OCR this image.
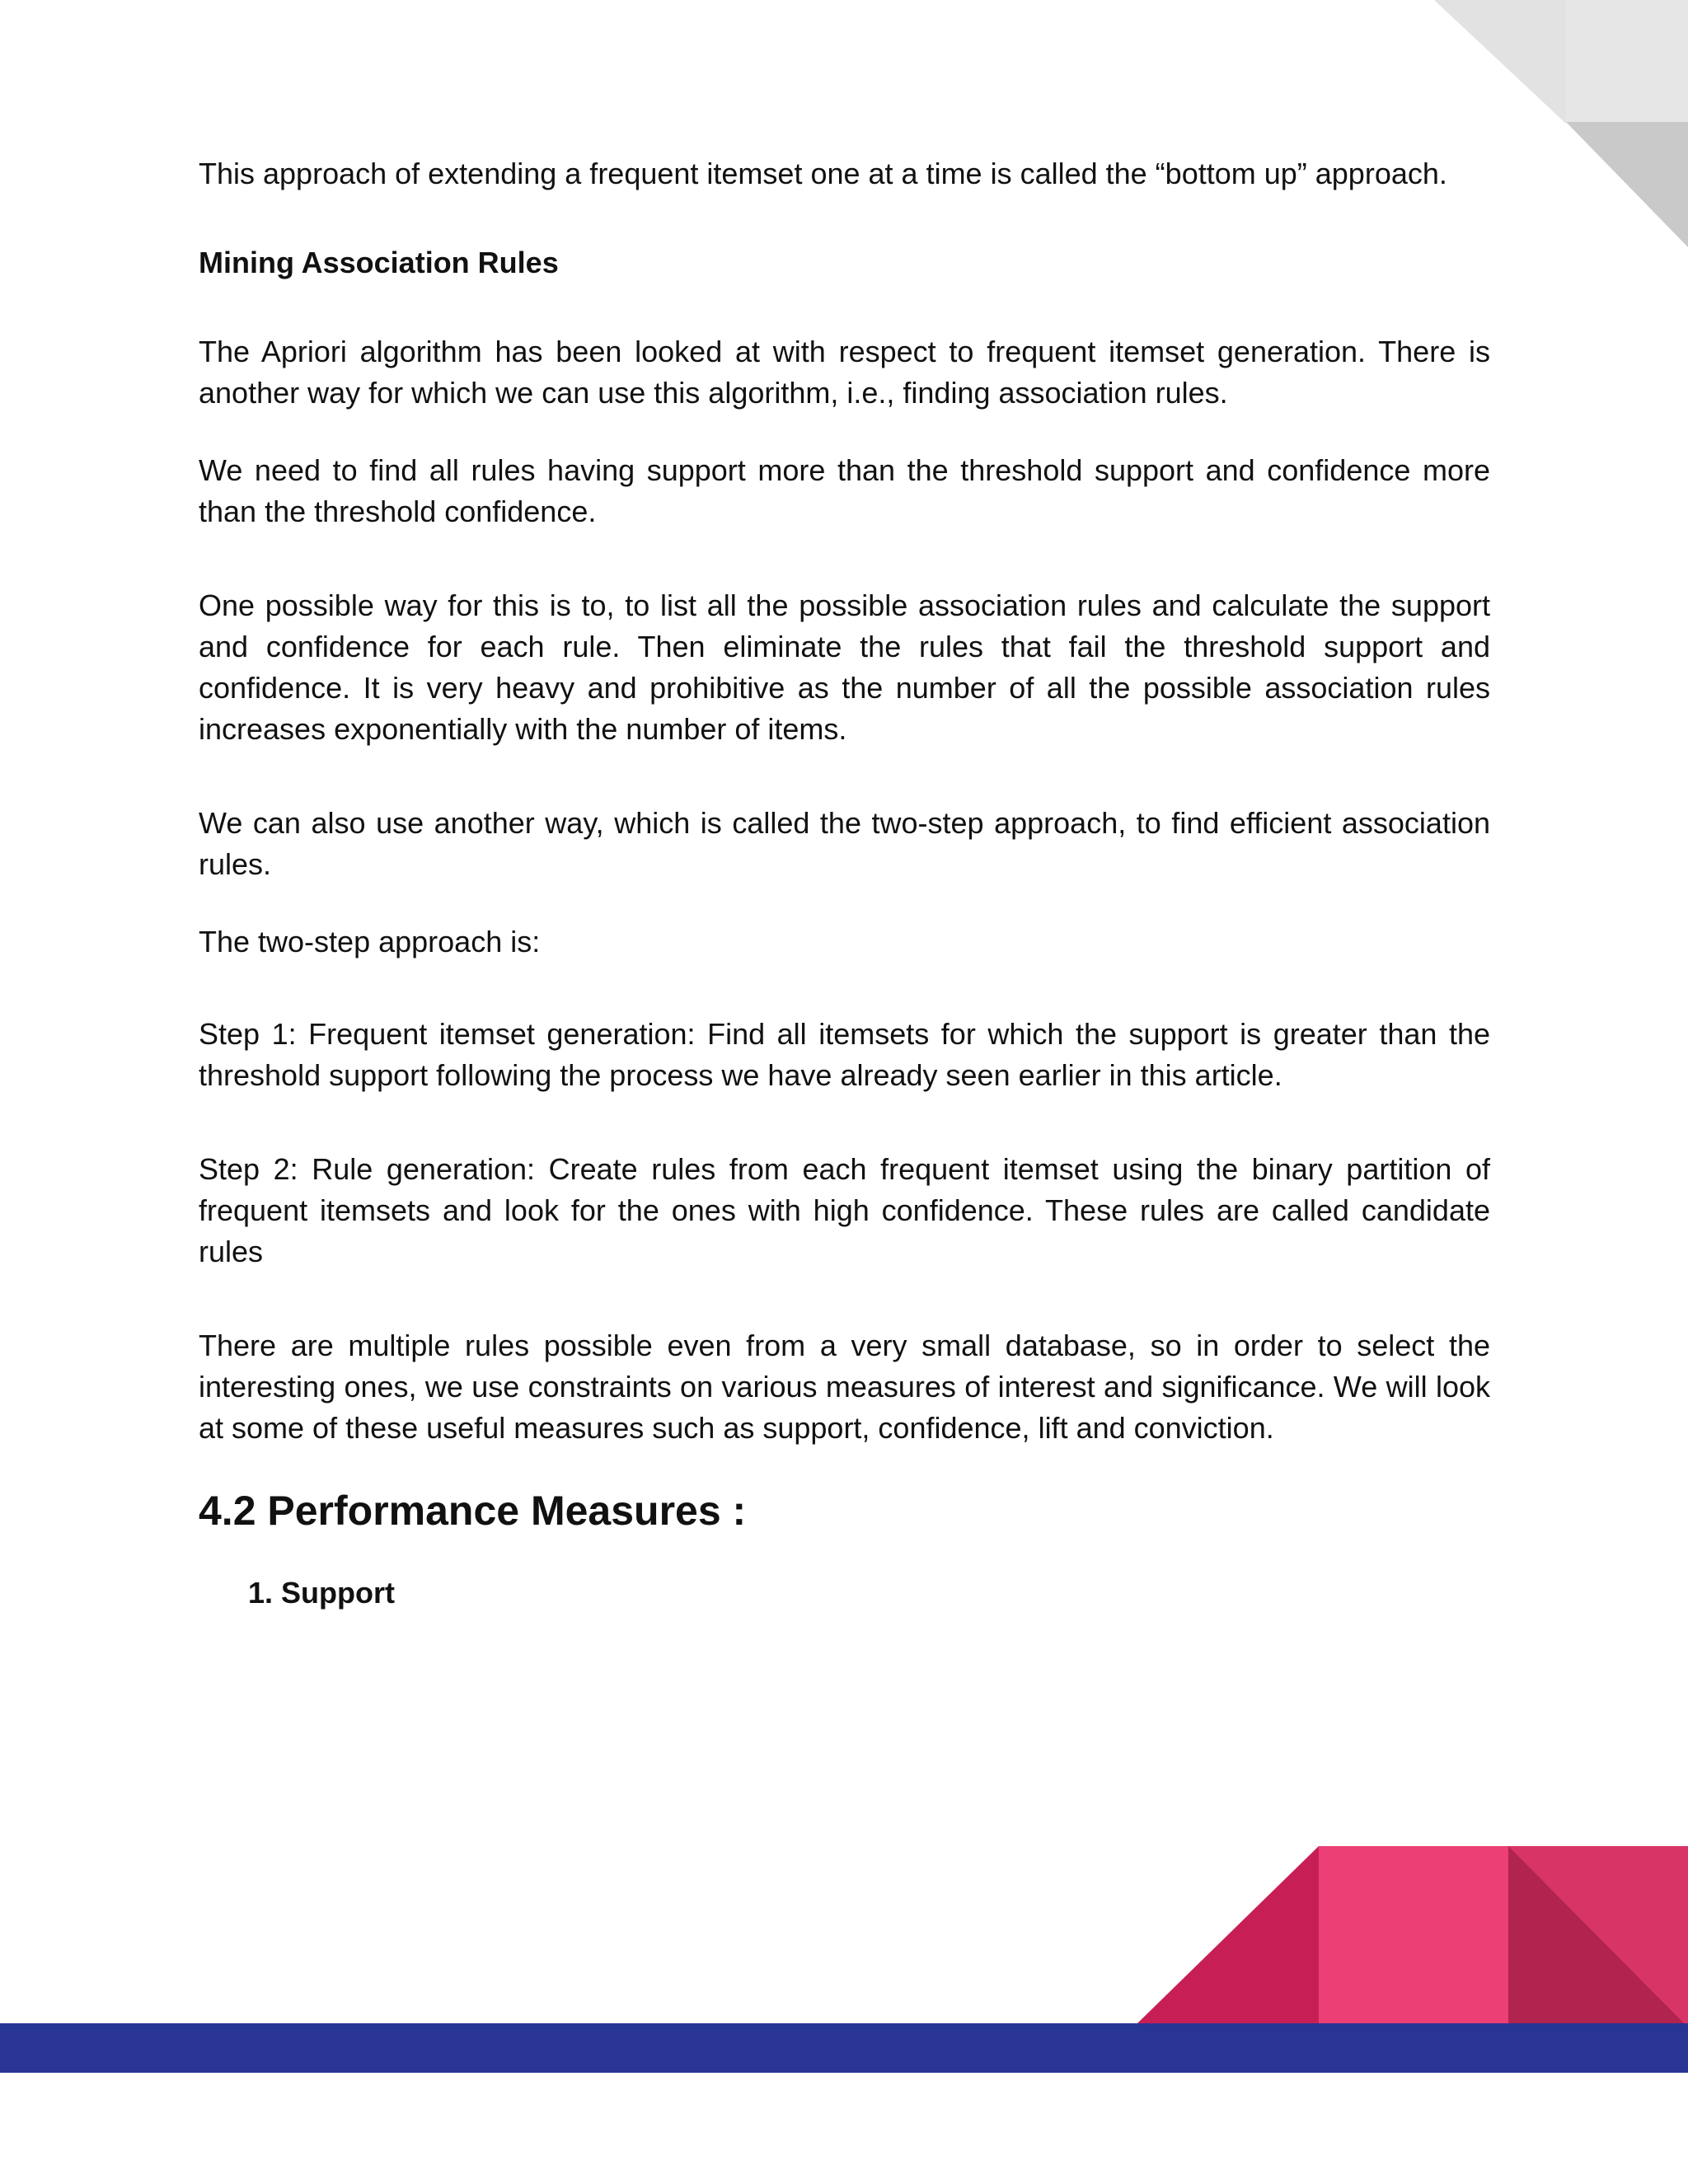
This approach of extending a frequent itemset one at a time is called the “bottom up” approach.

Mining Association Rules

The Apriori algorithm has been looked at with respect to frequent itemset generation. There is another way for which we can use this algorithm, i.e., finding association rules.

We need to find all rules having support more than the threshold support and confidence more than the threshold confidence.

One possible way for this is to, to list all the possible association rules and calculate the support and confidence for each rule. Then eliminate the rules that fail the threshold support and confidence. It is very heavy and prohibitive as the number of all the possible association rules increases exponentially with the number of items.

We can also use another way, which is called the two-step approach, to find efficient association rules.

The two-step approach is:

Step 1: Frequent itemset generation: Find all itemsets for which the support is greater than the threshold support following the process we have already seen earlier in this article.

Step 2: Rule generation: Create rules from each frequent itemset using the binary partition of frequent itemsets and look for the ones with high confidence. These rules are called candidate rules

There are multiple rules possible even from a very small database, so in order to select the interesting ones, we use constraints on various measures of interest and significance. We will look at some of these useful measures such as support, confidence, lift and conviction.

4.2 Performance Measures :

1. Support
